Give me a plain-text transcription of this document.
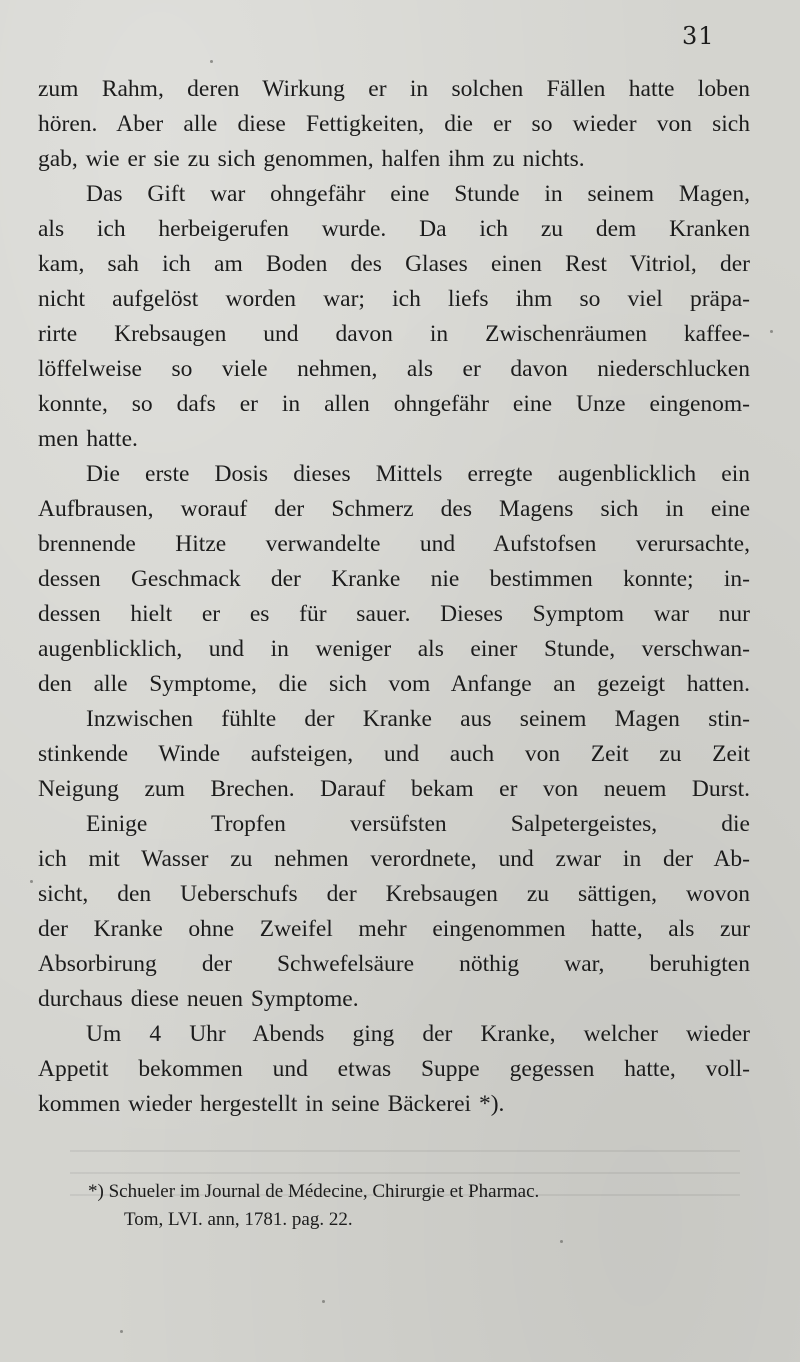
31
zum Rahm, deren Wirkung er in solchen Fällen hatte loben
hören. Aber alle diese Fettigkeiten, die er so wieder von sich
gab, wie er sie zu sich genommen, halfen ihm zu nichts.
Das Gift war ohngefähr eine Stunde in seinem Magen,
als ich herbeigerufen wurde. Da ich zu dem Kranken
kam, sah ich am Boden des Glases einen Rest Vitriol, der
nicht aufgelöst worden war; ich liefs ihm so viel präpa-
rirte Krebsaugen und davon in Zwischenräumen kaffee-
löffelweise so viele nehmen, als er davon niederschlucken
konnte, so dafs er in allen ohngefähr eine Unze eingenom-
men hatte.
Die erste Dosis dieses Mittels erregte augenblicklich ein
Aufbrausen, worauf der Schmerz des Magens sich in eine
brennende Hitze verwandelte und Aufstofsen verursachte,
dessen Geschmack der Kranke nie bestimmen konnte; in-
dessen hielt er es für sauer. Dieses Symptom war nur
augenblicklich, und in weniger als einer Stunde, verschwan-
den alle Symptome, die sich vom Anfange an gezeigt hatten.
Inzwischen fühlte der Kranke aus seinem Magen stin-
stinkende Winde aufsteigen, und auch von Zeit zu Zeit
Neigung zum Brechen. Darauf bekam er von neuem Durst.
Einige Tropfen versüfsten Salpetergeistes, die
ich mit Wasser zu nehmen verordnete, und zwar in der Ab-
sicht, den Ueberschufs der Krebsaugen zu sättigen, wovon
der Kranke ohne Zweifel mehr eingenommen hatte, als zur
Absorbirung der Schwefelsäure nöthig war, beruhigten
durchaus diese neuen Symptome.
Um 4 Uhr Abends ging der Kranke, welcher wieder
Appetit bekommen und etwas Suppe gegessen hatte, voll-
kommen wieder hergestellt in seine Bäckerei *).
*) Schueler im Journal de Médecine, Chirurgie et Pharmac.
Tom, LVI. ann, 1781. pag. 22.
